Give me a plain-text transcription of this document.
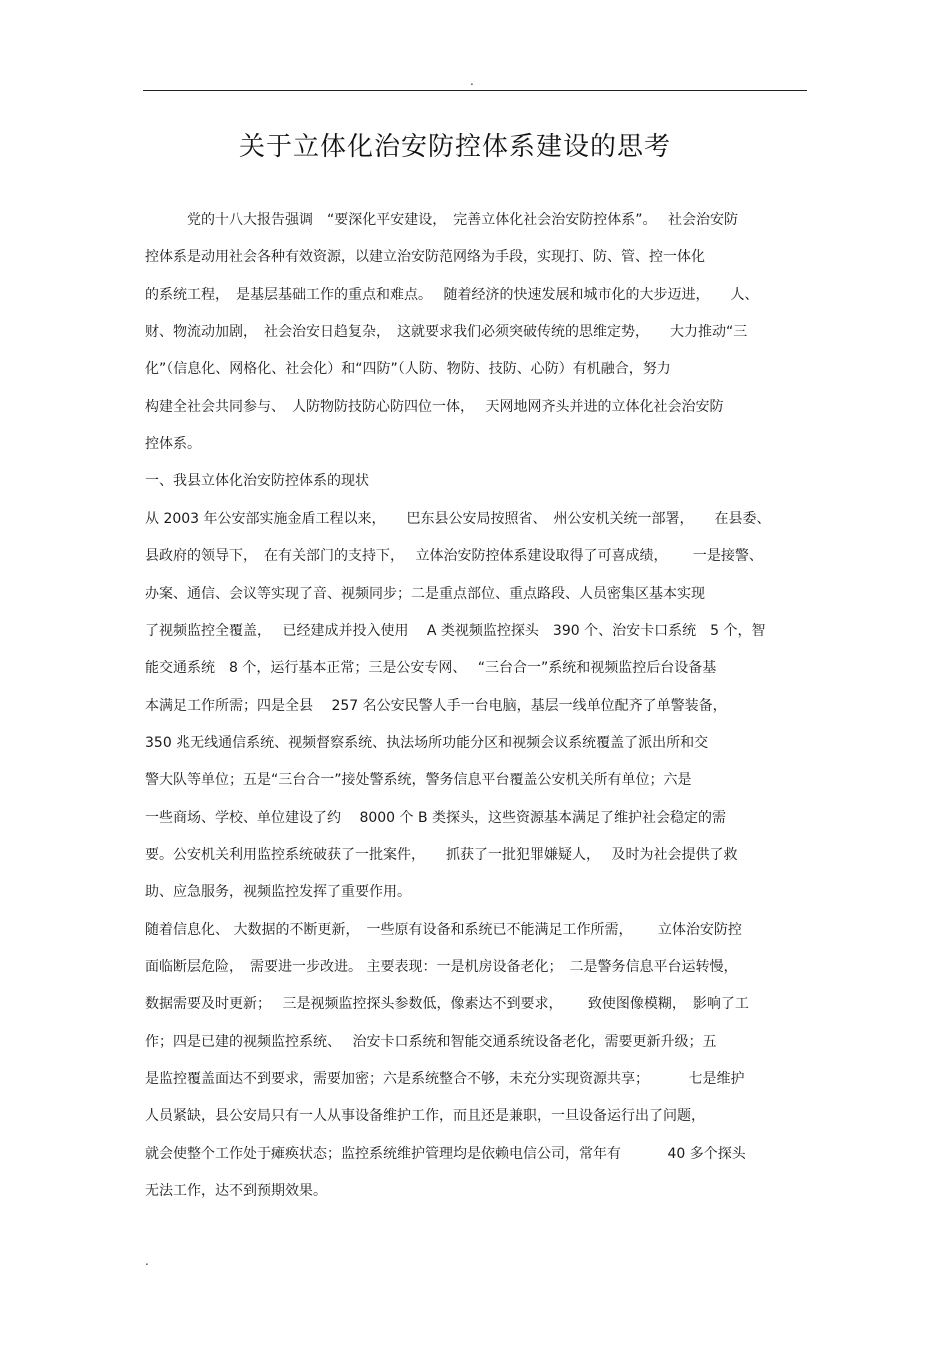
.
关于立体化治安防控体系建设的思考
　　　党的十八大报告强调　“要深化平安建设，　完善立体化社会治安防控体系”。　 社会治安防
控体系是动用社会各种有效资源，以建立治安防范网络为手段，实现打、防、管、控一体化
的系统工程，　是基层基础工作的重点和难点。　 随着经济的快速发展和城市化的大步迈进，　　人、
财、物流动加剧，　社会治安日趋复杂，　这就要求我们必须突破传统的思维定势，　　大力推动“三
化”（信息化、网格化、社会化）和“四防”（人防、物防、技防、心防）有机融合，努力
构建全社会共同参与、　人防物防技防心防四位一体，　 天网地网齐头并进的立体化社会治安防
控体系。
一、我县立体化治安防控体系的现状
从 2003 年公安部实施金盾工程以来，　　巴东县公安局按照省、　州公安机关统一部署，　　在县委、
县政府的领导下，　在有关部门的支持下，　 立体治安防控体系建设取得了可喜成绩，　　 一是接警、
办案、通信、会议等实现了音、视频同步；二是重点部位、重点路段、人员密集区基本实现
了视频监控全覆盖，　 已经建成并投入使用　 A 类视频监控探头　390 个、治安卡口系统　5 个，智
能交通系统　8 个，运行基本正常；三是公安专网、　 “三台合一”系统和视频监控后台设备基
本满足工作所需；四是全县　 257 名公安民警人手一台电脑，基层一线单位配齐了单警装备，
350 兆无线通信系统、视频督察系统、执法场所功能分区和视频会议系统覆盖了派出所和交
警大队等单位；五是“三台合一”接处警系统，警务信息平台覆盖公安机关所有单位；六是
一些商场、学校、单位建设了约　 8000 个 B 类探头，这些资源基本满足了维护社会稳定的需
要。公安机关利用监控系统破获了一批案件，　　抓获了一批犯罪嫌疑人，　 及时为社会提供了救
助、应急服务，视频监控发挥了重要作用。
随着信息化、 大数据的不断更新，　一些原有设备和系统已不能满足工作所需，　　 立体治安防控
面临断层危险，　需要进一步改进。 主要表现：一是机房设备老化；　二是警务信息平台运转慢，
数据需要及时更新；　 三是视频监控探头参数低，像素达不到要求，　　 致使图像模糊，　影响了工
作；四是已建的视频监控系统、　 治安卡口系统和智能交通系统设备老化，需要更新升级；五
是监控覆盖面达不到要求，需要加密；六是系统整合不够，未充分实现资源共享；　　　 七是维护
人员紧缺，县公安局只有一人从事设备维护工作，而且还是兼职，一旦设备运行出了问题，
就会使整个工作处于瘫痪状态；监控系统维护管理均是依赖电信公司，常年有　　　 40 多个探头
无法工作，达不到预期效果。
.
